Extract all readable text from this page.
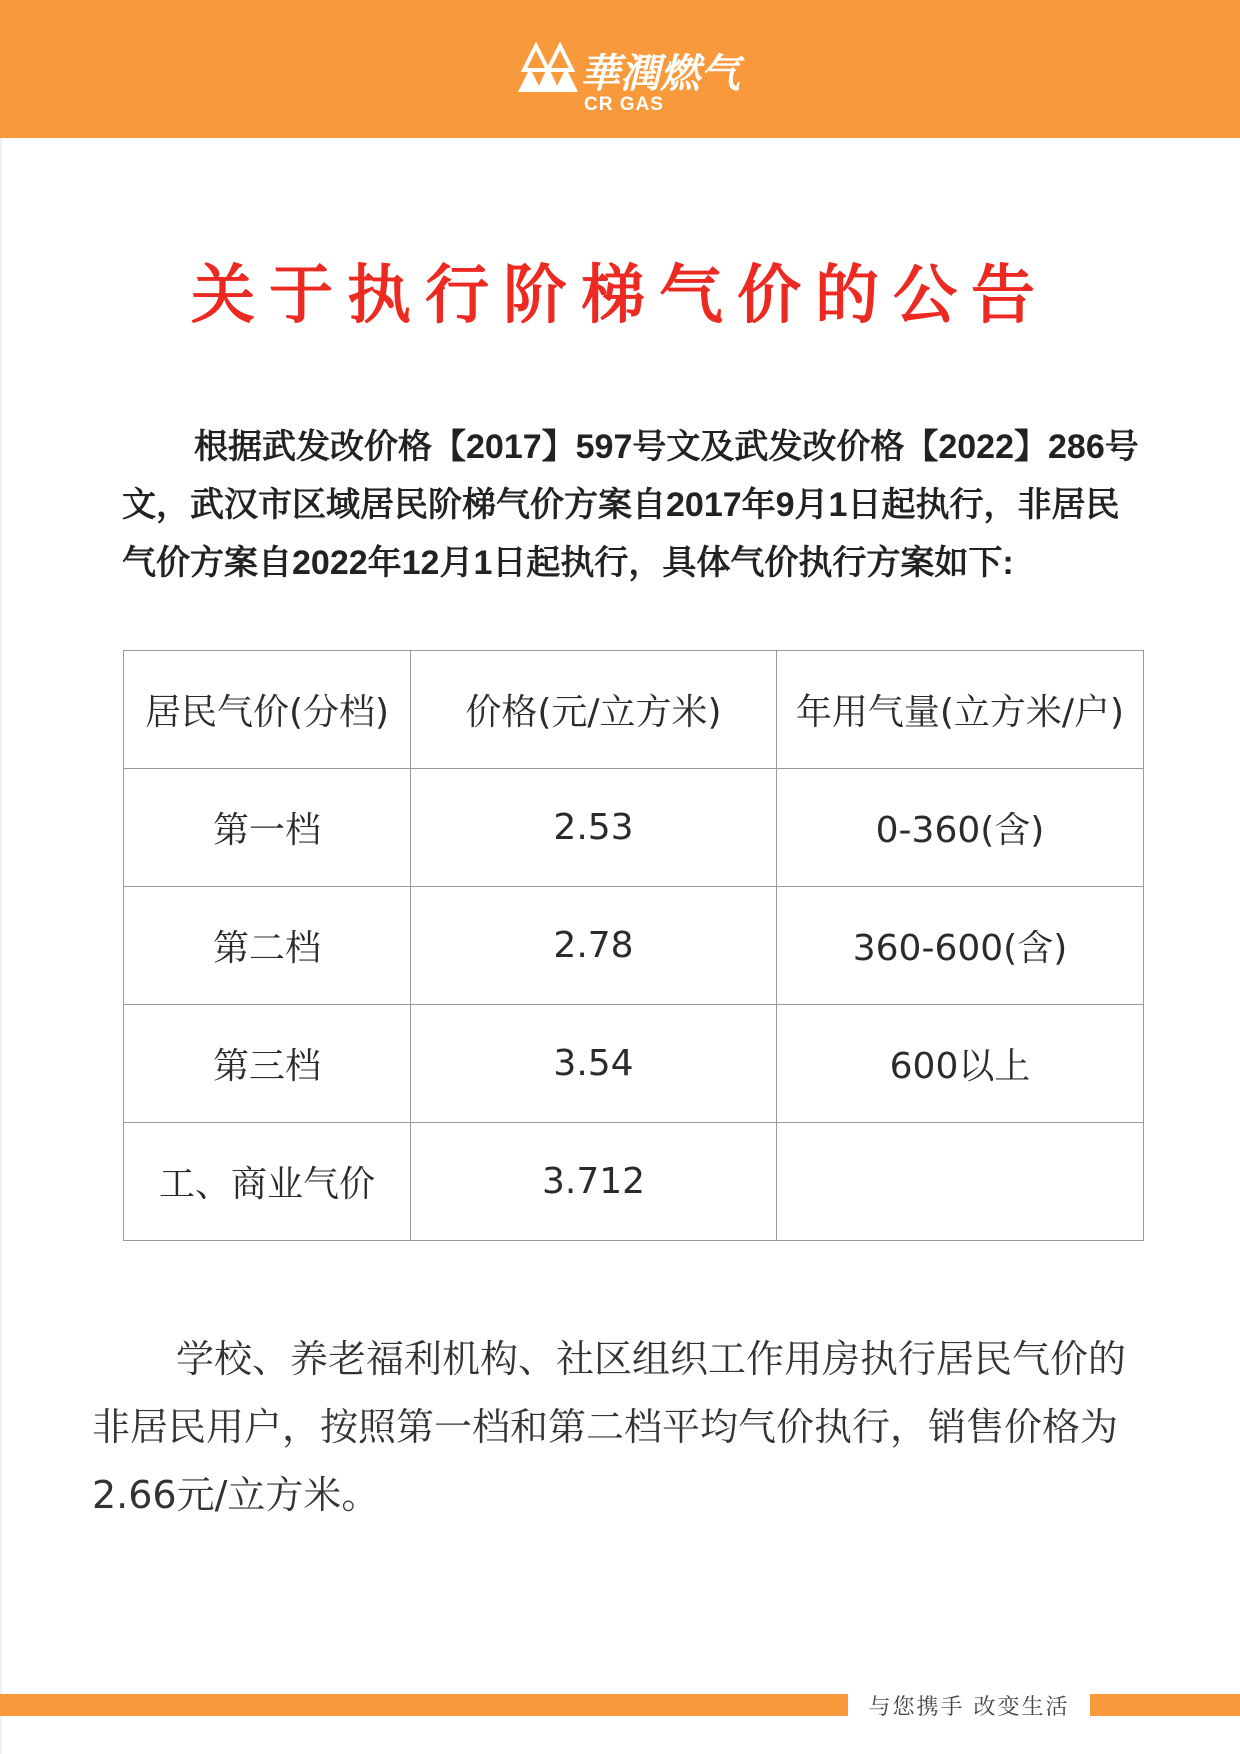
華潤燃气
CR GAS
关于执行阶梯气价的公告
根据武发改价格【2017】597号文及武发改价格【2022】286号文，武汉市区域居民阶梯气价方案自2017年9月1日起执行，非居民气价方案自2022年12月1日起执行，具体气价执行方案如下:
居民气价(分档)	价格(元/立方米)	年用气量(立方米/户)
第一档	2.53	0-360(含)
第二档	2.78	360-600(含)
第三档	3.54	600以上
工、商业气价	3.712	
学校、养老福利机构、社区组织工作用房执行居民气价的非居民用户，按照第一档和第二档平均气价执行，销售价格为2.66元/立方米。
与您携手 改变生活
